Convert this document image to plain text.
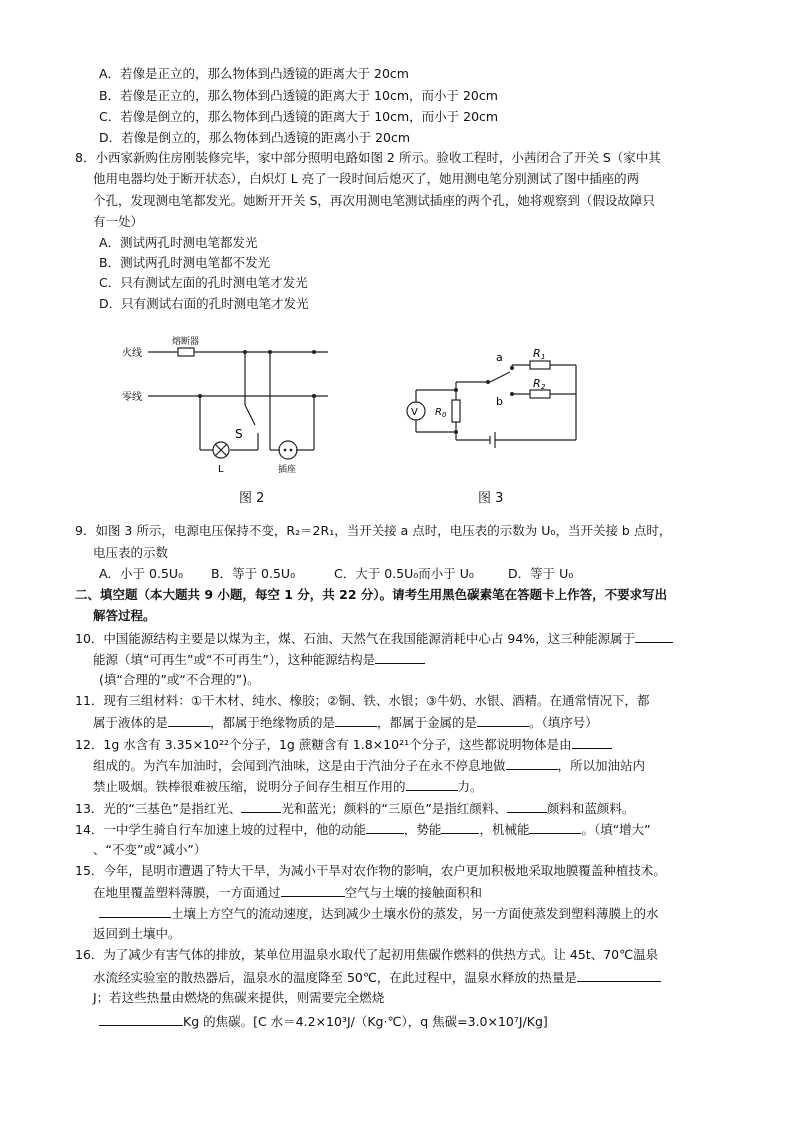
A．若像是正立的，那么物体到凸透镜的距离大于 20cm
B．若像是正立的，那么物体到凸透镜的距离大于 10cm，而小于 20cm
C．若像是倒立的，那么物体到凸透镜的距离大于 10cm，而小于 20cm
D．若像是倒立的，那么物体到凸透镜的距离小于 20cm
8．小西家新购住房刚装修完毕，家中部分照明电路如图 2 所示。验收工程时，小茜闭合了开关 S（家中其
他用电器均处于断开状态），白炽灯 L 亮了一段时间后熄灭了，她用测电笔分别测试了图中插座的两
个孔，发现测电笔都发光。她断开开关 S，再次用测电笔测试插座的两个孔，她将观察到（假设故障只
有一处）
A．测试两孔时测电笔都发光
B．测试两孔时测电笔都不发光
C．只有测试左面的孔时测电笔才发光
D．只有测试右面的孔时测电笔才发光
火线
零线
熔断器
S
L	插座
图 2
a
b
R 1
R 2
R 0
V
图 3
9．如图 3 所示，电源电压保持不变，R₂＝2R₁，当开关接 a 点时，电压表的示数为 U₀，当开关接 b 点时，
电压表的示数
A．小于 0.5U₀ B．等于 0.5U₀	C．大于 0.5U₀而小于 U₀	D．等于 U₀
二、填空题（本大题共 9 小题，每空 1 分，共 22 分）。请考生用黑色碳素笔在答题卡上作答，不要求写出
解答过程。
10．中国能源结构主要是以煤为主，煤、石油、天然气在我国能源消耗中心占 94%，这三种能源属于
能源（填“可再生”或“不可再生”），这种能源结构是
(填“合理的”或“不合理的”)。
11．现有三组材料：①干木材、纯水、橡胶；②铜、铁、水银；③牛奶、水银、酒精。在通常情况下，都
属于液体的是	，都属于绝缘物质的是	，都属于金属的是	。（填序号）
12．1g 水含有 3.35×10²²个分子，1g 蔗糖含有 1.8×10²¹个分子，这些都说明物体是由
组成的。为汽车加油时，会闻到汽油味，这是由于汽油分子在永不停息地做	，所以加油站内
禁止吸烟。铁棒很难被压缩，说明分子间存生相互作用的	力。
13．光的“三基色”是指红光、	光和蓝光；颜料的“三原色”是指红颜料、	颜料和蓝颜料。
14．一中学生骑自行车加速上坡的过程中，他的动能	，势能	，机械能	。（填“增大”
、“不变”或“减小”）
15．今年，昆明市遭遇了特大干旱，为减小干旱对农作物的影响，农户更加积极地采取地膜覆盖种植技术。
在地里覆盖塑料薄膜，一方面通过	空气与土壤的接触面积和
土壤上方空气的流动速度，达到减少土壤水份的蒸发，另一方面使蒸发到塑料薄膜上的水
返回到土壤中。
16．为了减少有害气体的排放，某单位用温泉水取代了起初用焦碳作燃料的供热方式。让 45t、70℃温泉
水流经实验室的散热器后，温泉水的温度降至 50℃，在此过程中，温泉水释放的热量是
J；若这些热量由燃烧的焦碳来提供，则需要完全燃烧
Kg 的焦碳。[C 水＝4.2×10³J/（Kg·℃），q 焦碳=3.0×10⁷J/Kg]
